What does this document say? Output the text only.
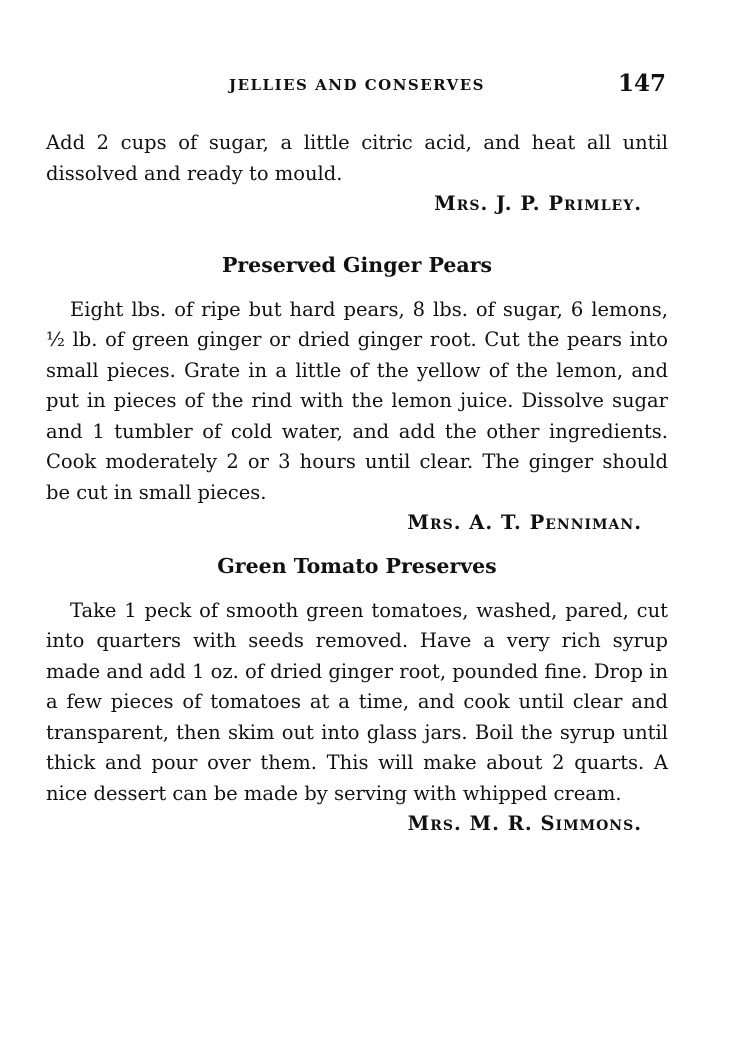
JELLIES AND CONSERVES	147

Add 2 cups of sugar, a little citric acid, and heat all until dissolved and ready to mould.

Mrs. J. P. Primley.

Preserved Ginger Pears

Eight lbs. of ripe but hard pears, 8 lbs. of sugar, 6 lemons, ½ lb. of green ginger or dried ginger root. Cut the pears into small pieces. Grate in a little of the yellow of the lemon, and put in pieces of the rind with the lemon juice. Dissolve sugar and 1 tumbler of cold water, and add the other ingredients. Cook moderately 2 or 3 hours until clear. The ginger should be cut in small pieces.

Mrs. A. T. Penniman.

Green Tomato Preserves

Take 1 peck of smooth green tomatoes, washed, pared, cut into quarters with seeds removed. Have a very rich syrup made and add 1 oz. of dried ginger root, pounded fine. Drop in a few pieces of tomatoes at a time, and cook until clear and transparent, then skim out into glass jars. Boil the syrup until thick and pour over them. This will make about 2 quarts. A nice dessert can be made by serving with whipped cream.

Mrs. M. R. Simmons.
